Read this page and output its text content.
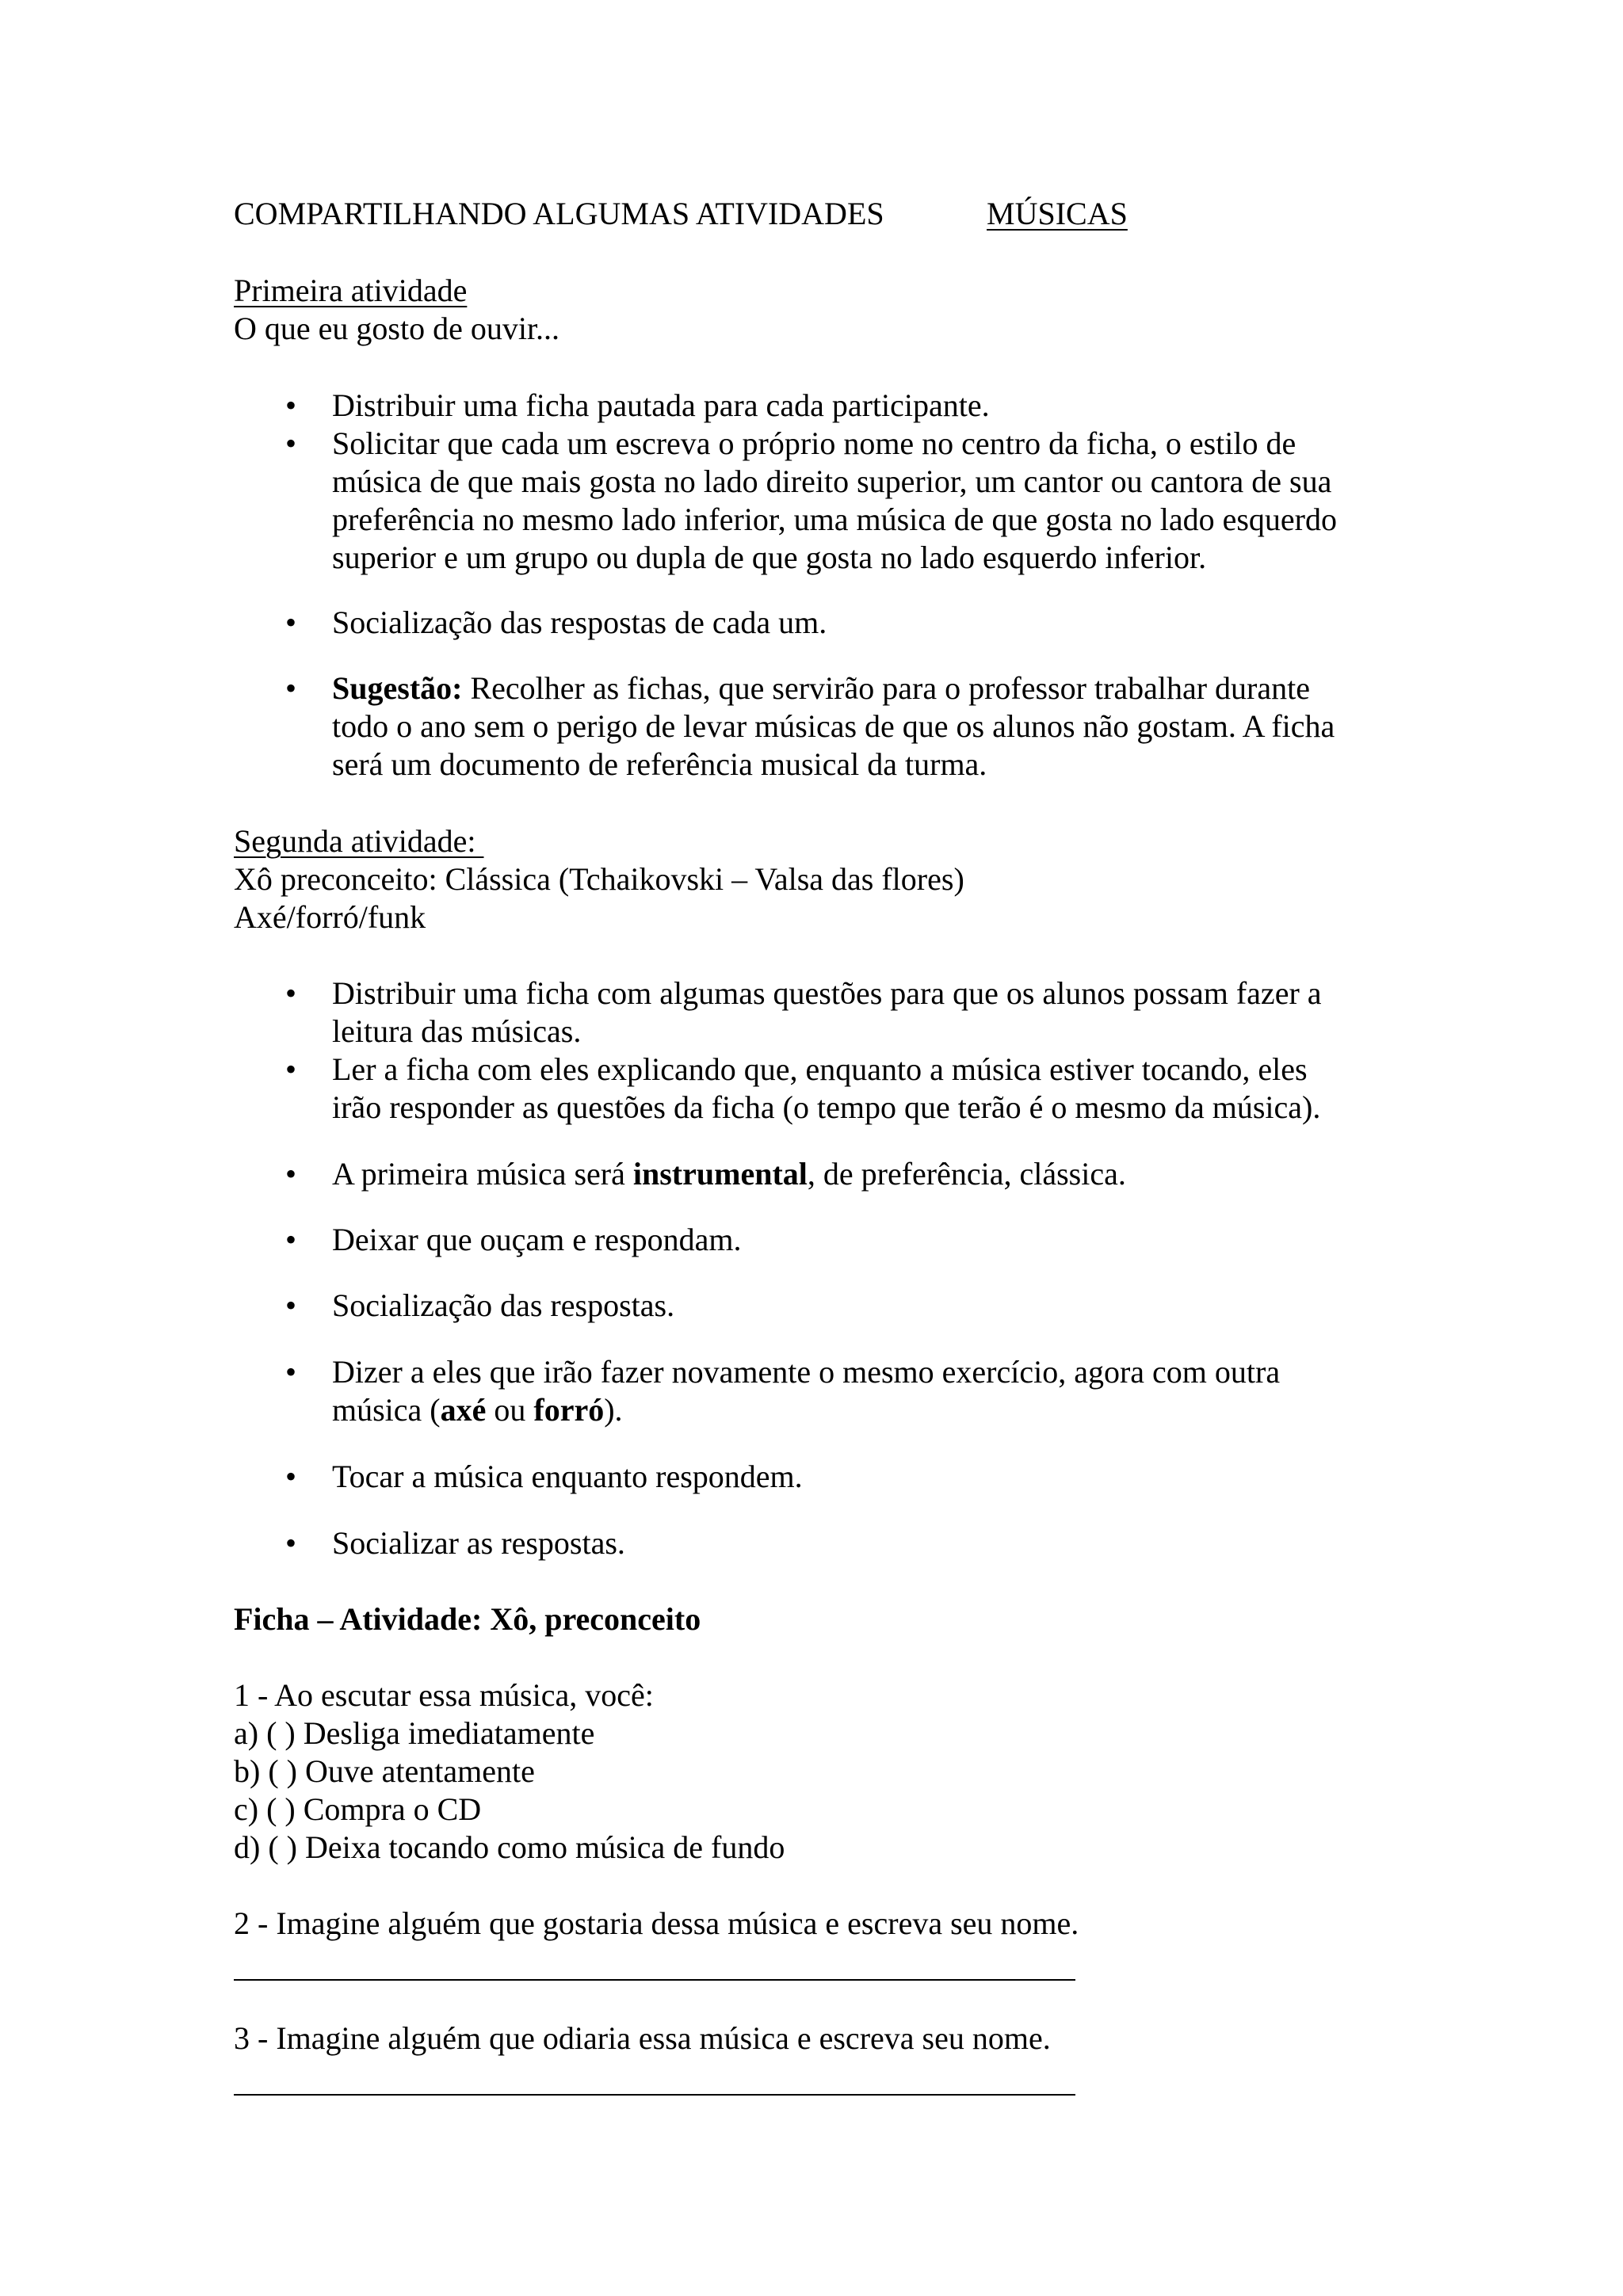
COMPARTILHANDO ALGUMAS ATIVIDADES	MÚSICAS

Primeira atividade

O que eu gosto de ouvir...

• Distribuir uma ficha pautada para cada participante.

• Solicitar que cada um escreva o próprio nome no centro da ficha, o estilo de

música de que mais gosta no lado direito superior, um cantor ou cantora de sua

preferência no mesmo lado inferior, uma música de que gosta no lado esquerdo

superior e um grupo ou dupla de que gosta no lado esquerdo inferior.

• Socialização das respostas de cada um.

• Sugestão: Recolher as fichas, que servirão para o professor trabalhar durante

todo o ano sem o perigo de levar músicas de que os alunos não gostam. A ficha

será um documento de referência musical da turma.

Segunda atividade:

Xô preconceito: Clássica (Tchaikovski – Valsa das flores)

Axé/forró/funk

• Distribuir uma ficha com algumas questões para que os alunos possam fazer a

leitura das músicas.

• Ler a ficha com eles explicando que, enquanto a música estiver tocando, eles

irão responder as questões da ficha (o tempo que terão é o mesmo da música).

• A primeira música será instrumental, de preferência, clássica.

• Deixar que ouçam e respondam.

• Socialização das respostas.

• Dizer a eles que irão fazer novamente o mesmo exercício, agora com outra

música (axé ou forró).

• Tocar a música enquanto respondem.

• Socializar as respostas.

Ficha – Atividade: Xô, preconceito

1 - Ao escutar essa música, você:

a) ( ) Desliga imediatamente

b) ( ) Ouve atentamente

c) ( ) Compra o CD

d) ( ) Deixa tocando como música de fundo

2 - Imagine alguém que gostaria dessa música e escreva seu nome.

3 - Imagine alguém que odiaria essa música e escreva seu nome.
